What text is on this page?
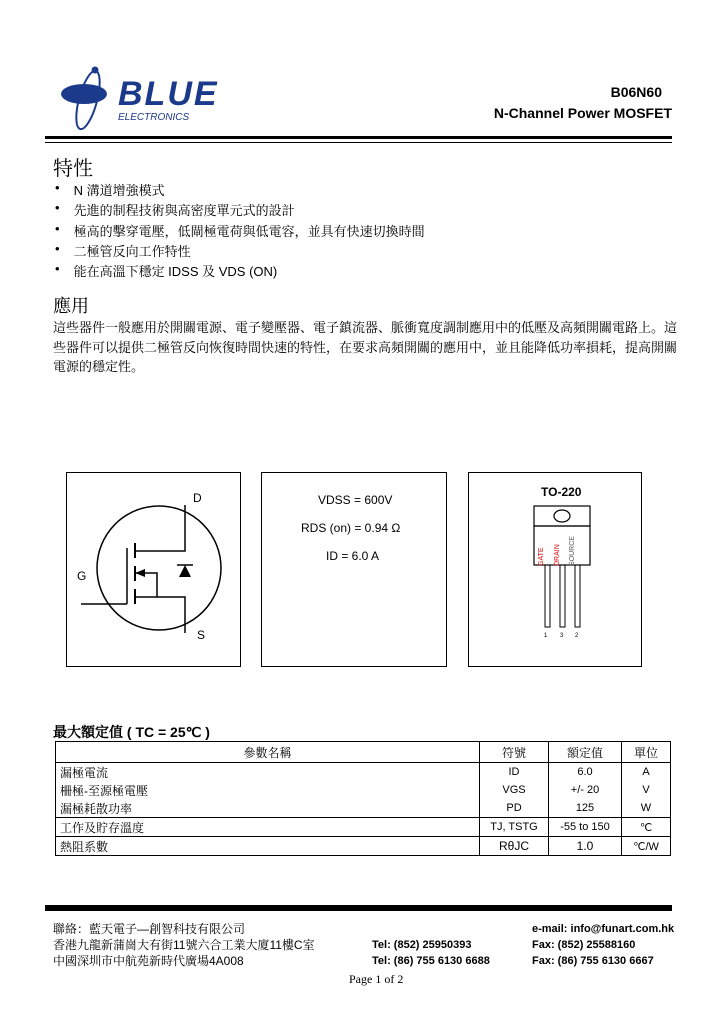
BLUE
ELECTRONICS
B06N60
N-Channel Power MOSFET
特性
• N 溝道增強模式
• 先進的制程技術與高密度單元式的設計
• 極高的擊穿電壓，低閘極電荷與低電容，並具有快速切換時間
• 二極管反向工作特性
• 能在高溫下穩定 IDSS 及 VDS (ON)
應用
這些器件一般應用於開關電源、電子變壓器、電子鎮流器、脈衝寬度調制應用中的低壓及高頻開關電路上。這些器件可以提供二極管反向恢復時間快速的特性，在要求高頻開關的應用中，並且能降低功率損耗，提高開關電源的穩定性。
D
G
S
VDSS = 600V
RDS (on) = 0.94 Ω
ID = 6.0 A
TO-220
GATE DRAIN SOURCE
1 3 2
最大額定值 ( TC = 25℃ )
參數名稱	符號	額定值	單位
漏極電流	ID	6.0	A
柵極-至源極電壓	VGS	+/- 20	V
漏極耗散功率	PD	125	W
工作及貯存溫度	TJ, TSTG	-55 to 150	℃
熱阻系數	RθJC	1.0	℃/W
聯絡：藍天電子—創智科技有限公司
香港九龍新蒲崗大有街11號六合工業大廈11樓C室
中國深圳市中航苑新時代廣場4A008
e-mail: info@funart.com.hk
Tel: (852) 25950393
Tel: (86) 755 6130 6688
Fax: (852) 25588160
Fax: (86) 755 6130 6667
Page 1 of 2
